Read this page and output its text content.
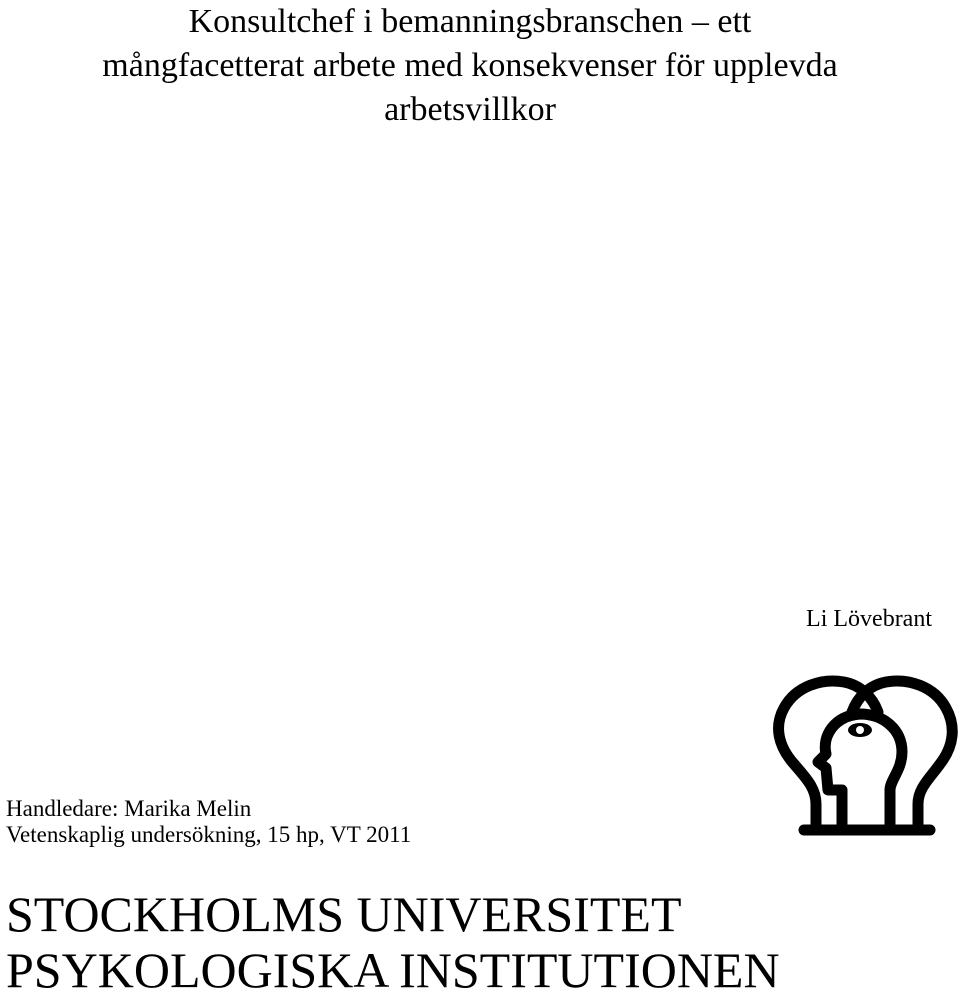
Konsultchef i bemanningsbranschen – ett
mångfacetterat arbete med konsekvenser för upplevda
arbetsvillkor
Li Lövebrant
Handledare: Marika Melin
Vetenskaplig undersökning, 15 hp, VT 2011
STOCKHOLMS UNIVERSITET
PSYKOLOGISKA INSTITUTIONEN
